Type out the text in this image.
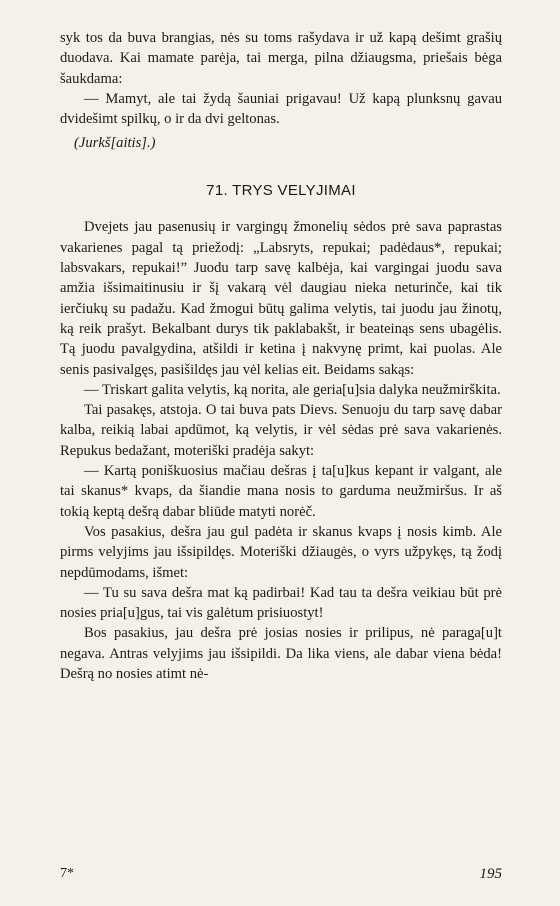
syk tos da buva brangias, nės su toms rašydava ir už kapą dešimt grašių duodava. Kai mamate parėja, tai merga, pilna džiaugsma, priešais bėga šaukdama:

— Mamyt, ale tai žydą šauniai prigavau! Už kapą plunksnų gavau dvidešimt spilkų, o ir da dvi geltonas.

(Jurkš[aitis].)

71. TRYS VELYJIMAI

Dvejets jau pasenusių ir vargingų žmonelių sėdos prė sava paprastas vakarienes pagal tą priežodį: „Labsryts, repukai; padėdaus*, repukai; labsvakars, repukai!” Juodu tarp savę kalbėja, kai vargingai juodu sava amžia išsimaitinusiu ir šį vakarą vėl daugiau nieka neturinče, kai tik ierčiukų su padažu. Kad žmogui būtų galima velytis, tai juodu jau žinotų, ką reik prašyt. Bekalbant durys tik paklabakšt, ir beateinąs sens ubagėlis. Tą juodu pavalgydina, atšildi ir ketina į nakvynę primt, kai puolas. Ale senis pasivalgęs, pasišildęs jau vėl kelias eit. Beidams sakąs:

— Triskart galita velytis, ką norita, ale geria[u]sia dalyka neužmirškita.

Tai pasakęs, atstoja. O tai buva pats Dievs. Senuoju du tarp savę dabar kalba, reikią labai apdūmot, ką velytis, ir vėl sėdas prė sava vakarienės. Repukus bedažant, moteriški pradėja sakyt:

— Kartą poniškuosius mačiau dešras į ta[u]kus kepant ir valgant, ale tai skanus* kvaps, da šiandie mana nosis to garduma neužmiršus. Ir aš tokią keptą dešrą dabar bliūde matyti norėč.

Vos pasakius, dešra jau gul padėta ir skanus kvaps į nosis kimb. Ale pirms velyjims jau išsipildęs. Moteriški džiaugės, o vyrs užpykęs, tą žodį nepdūmodams, išmet:

— Tu su sava dešra mat ką padirbai! Kad tau ta dešra veikiau būt prė nosies pria[u]gus, tai vis galėtum prisiuostyt!

Bos pasakius, jau dešra prė josias nosies ir prilipus, nė paraga[u]t negava. Antras velyjims jau išsipildi. Da lika viens, ale dabar viena bėda! Dešrą no nosies atimt nė-

7*	195
